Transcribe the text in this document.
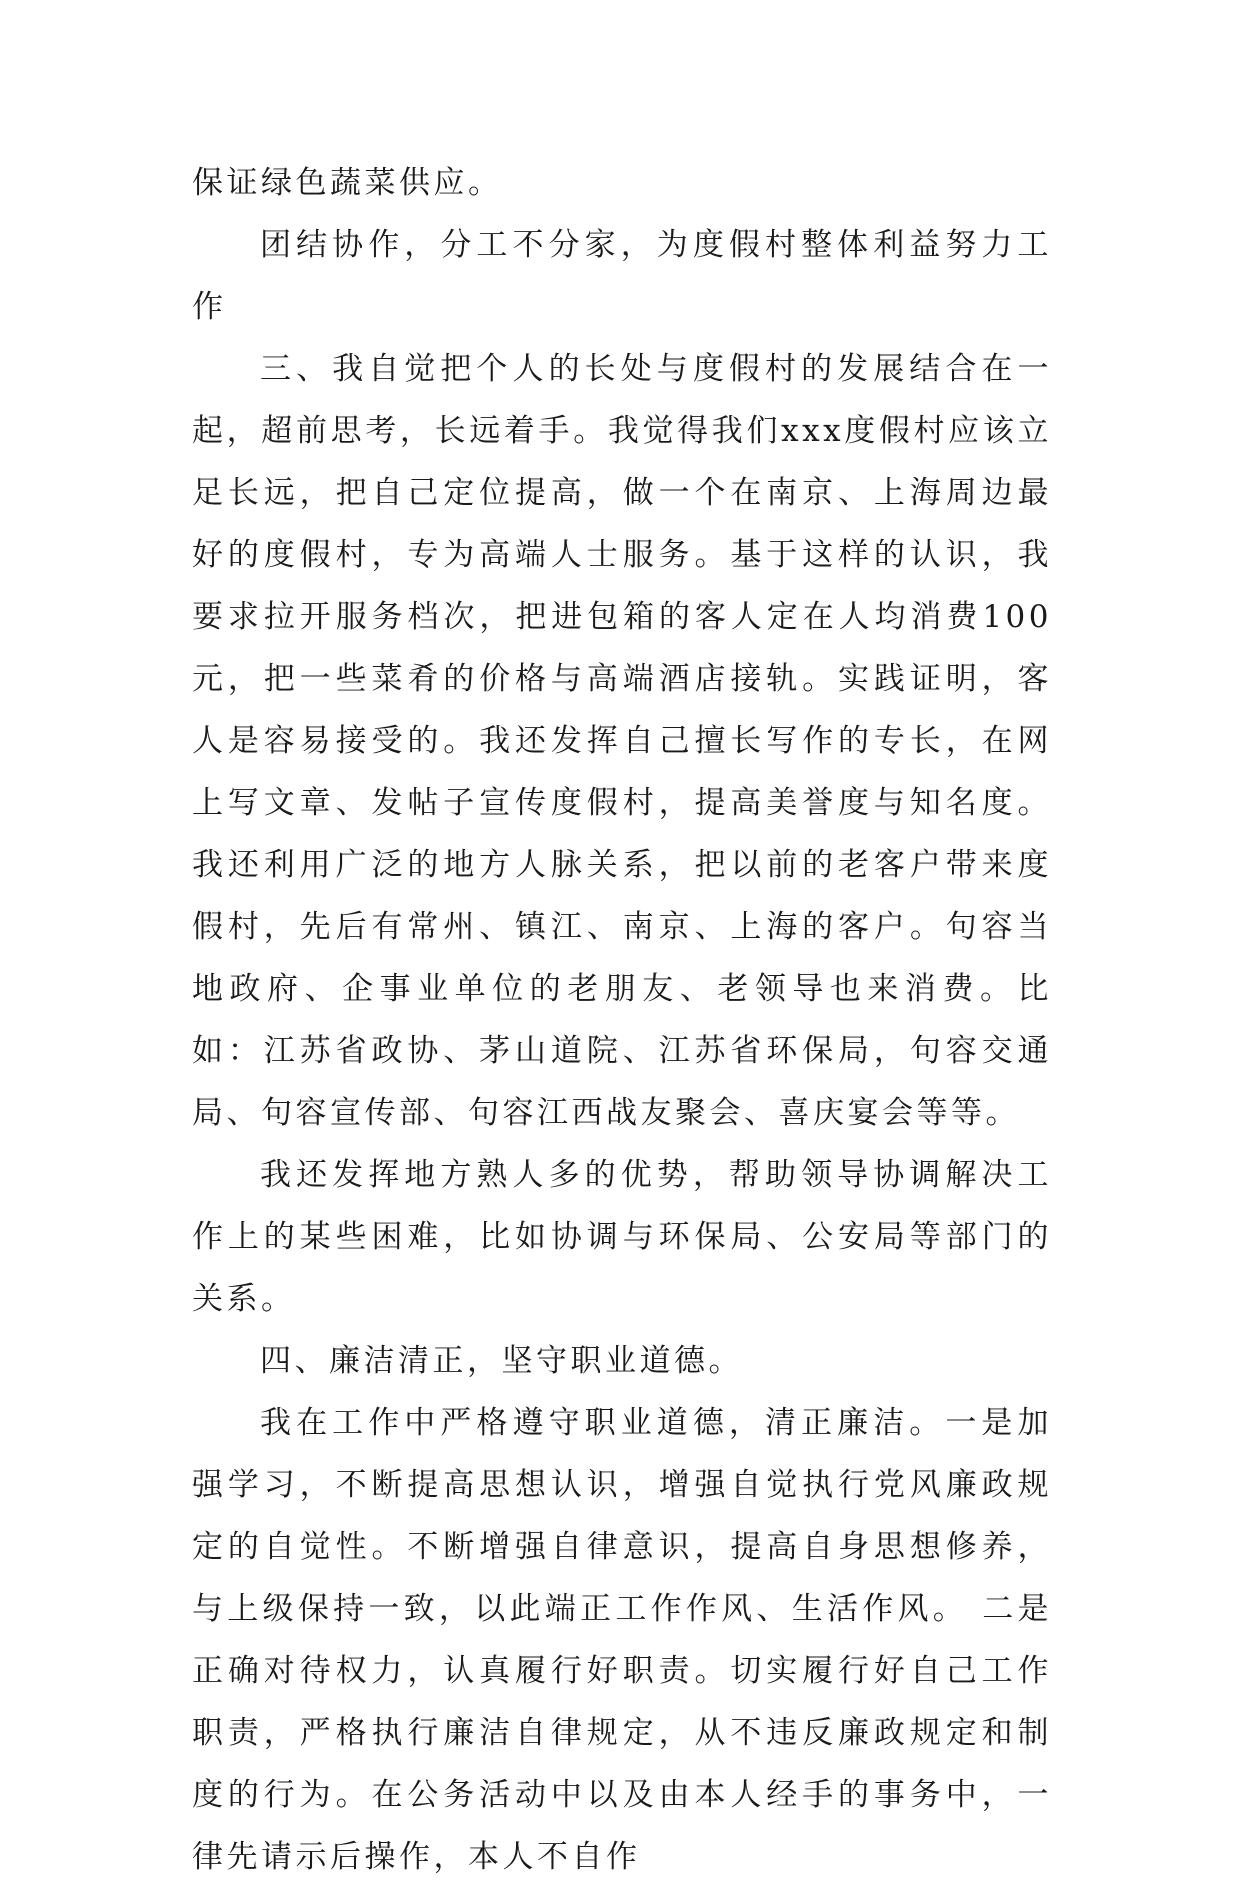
保证绿色蔬菜供应。

团结协作，分工不分家，为度假村整体利益努力工作

三、我自觉把个人的长处与度假村的发展结合在一起，超前思考，长远着手。我觉得我们xxx度假村应该立足长远，把自己定位提高，做一个在南京、上海周边最好的度假村，专为高端人士服务。基于这样的认识，我要求拉开服务档次，把进包箱的客人定在人均消费100元，把一些菜肴的价格与高端酒店接轨。实践证明，客人是容易接受的。我还发挥自己擅长写作的专长，在网上写文章、发帖子宣传度假村，提高美誉度与知名度。我还利用广泛的地方人脉关系，把以前的老客户带来度假村，先后有常州、镇江、南京、上海的客户。句容当地政府、企事业单位的老朋友、老领导也来消费。比如：江苏省政协、茅山道院、江苏省环保局，句容交通局、句容宣传部、句容江西战友聚会、喜庆宴会等等。

我还发挥地方熟人多的优势，帮助领导协调解决工作上的某些困难，比如协调与环保局、公安局等部门的关系。

四、廉洁清正，坚守职业道德。

我在工作中严格遵守职业道德，清正廉洁。一是加强学习，不断提高思想认识，增强自觉执行党风廉政规定的自觉性。不断增强自律意识，提高自身思想修养，与上级保持一致，以此端正工作作风、生活作风。 二是正确对待权力，认真履行好职责。切实履行好自己工作职责，严格执行廉洁自律规定，从不违反廉政规定和制度的行为。在公务活动中以及由本人经手的事务中，一律先请示后操作，本人不自作
